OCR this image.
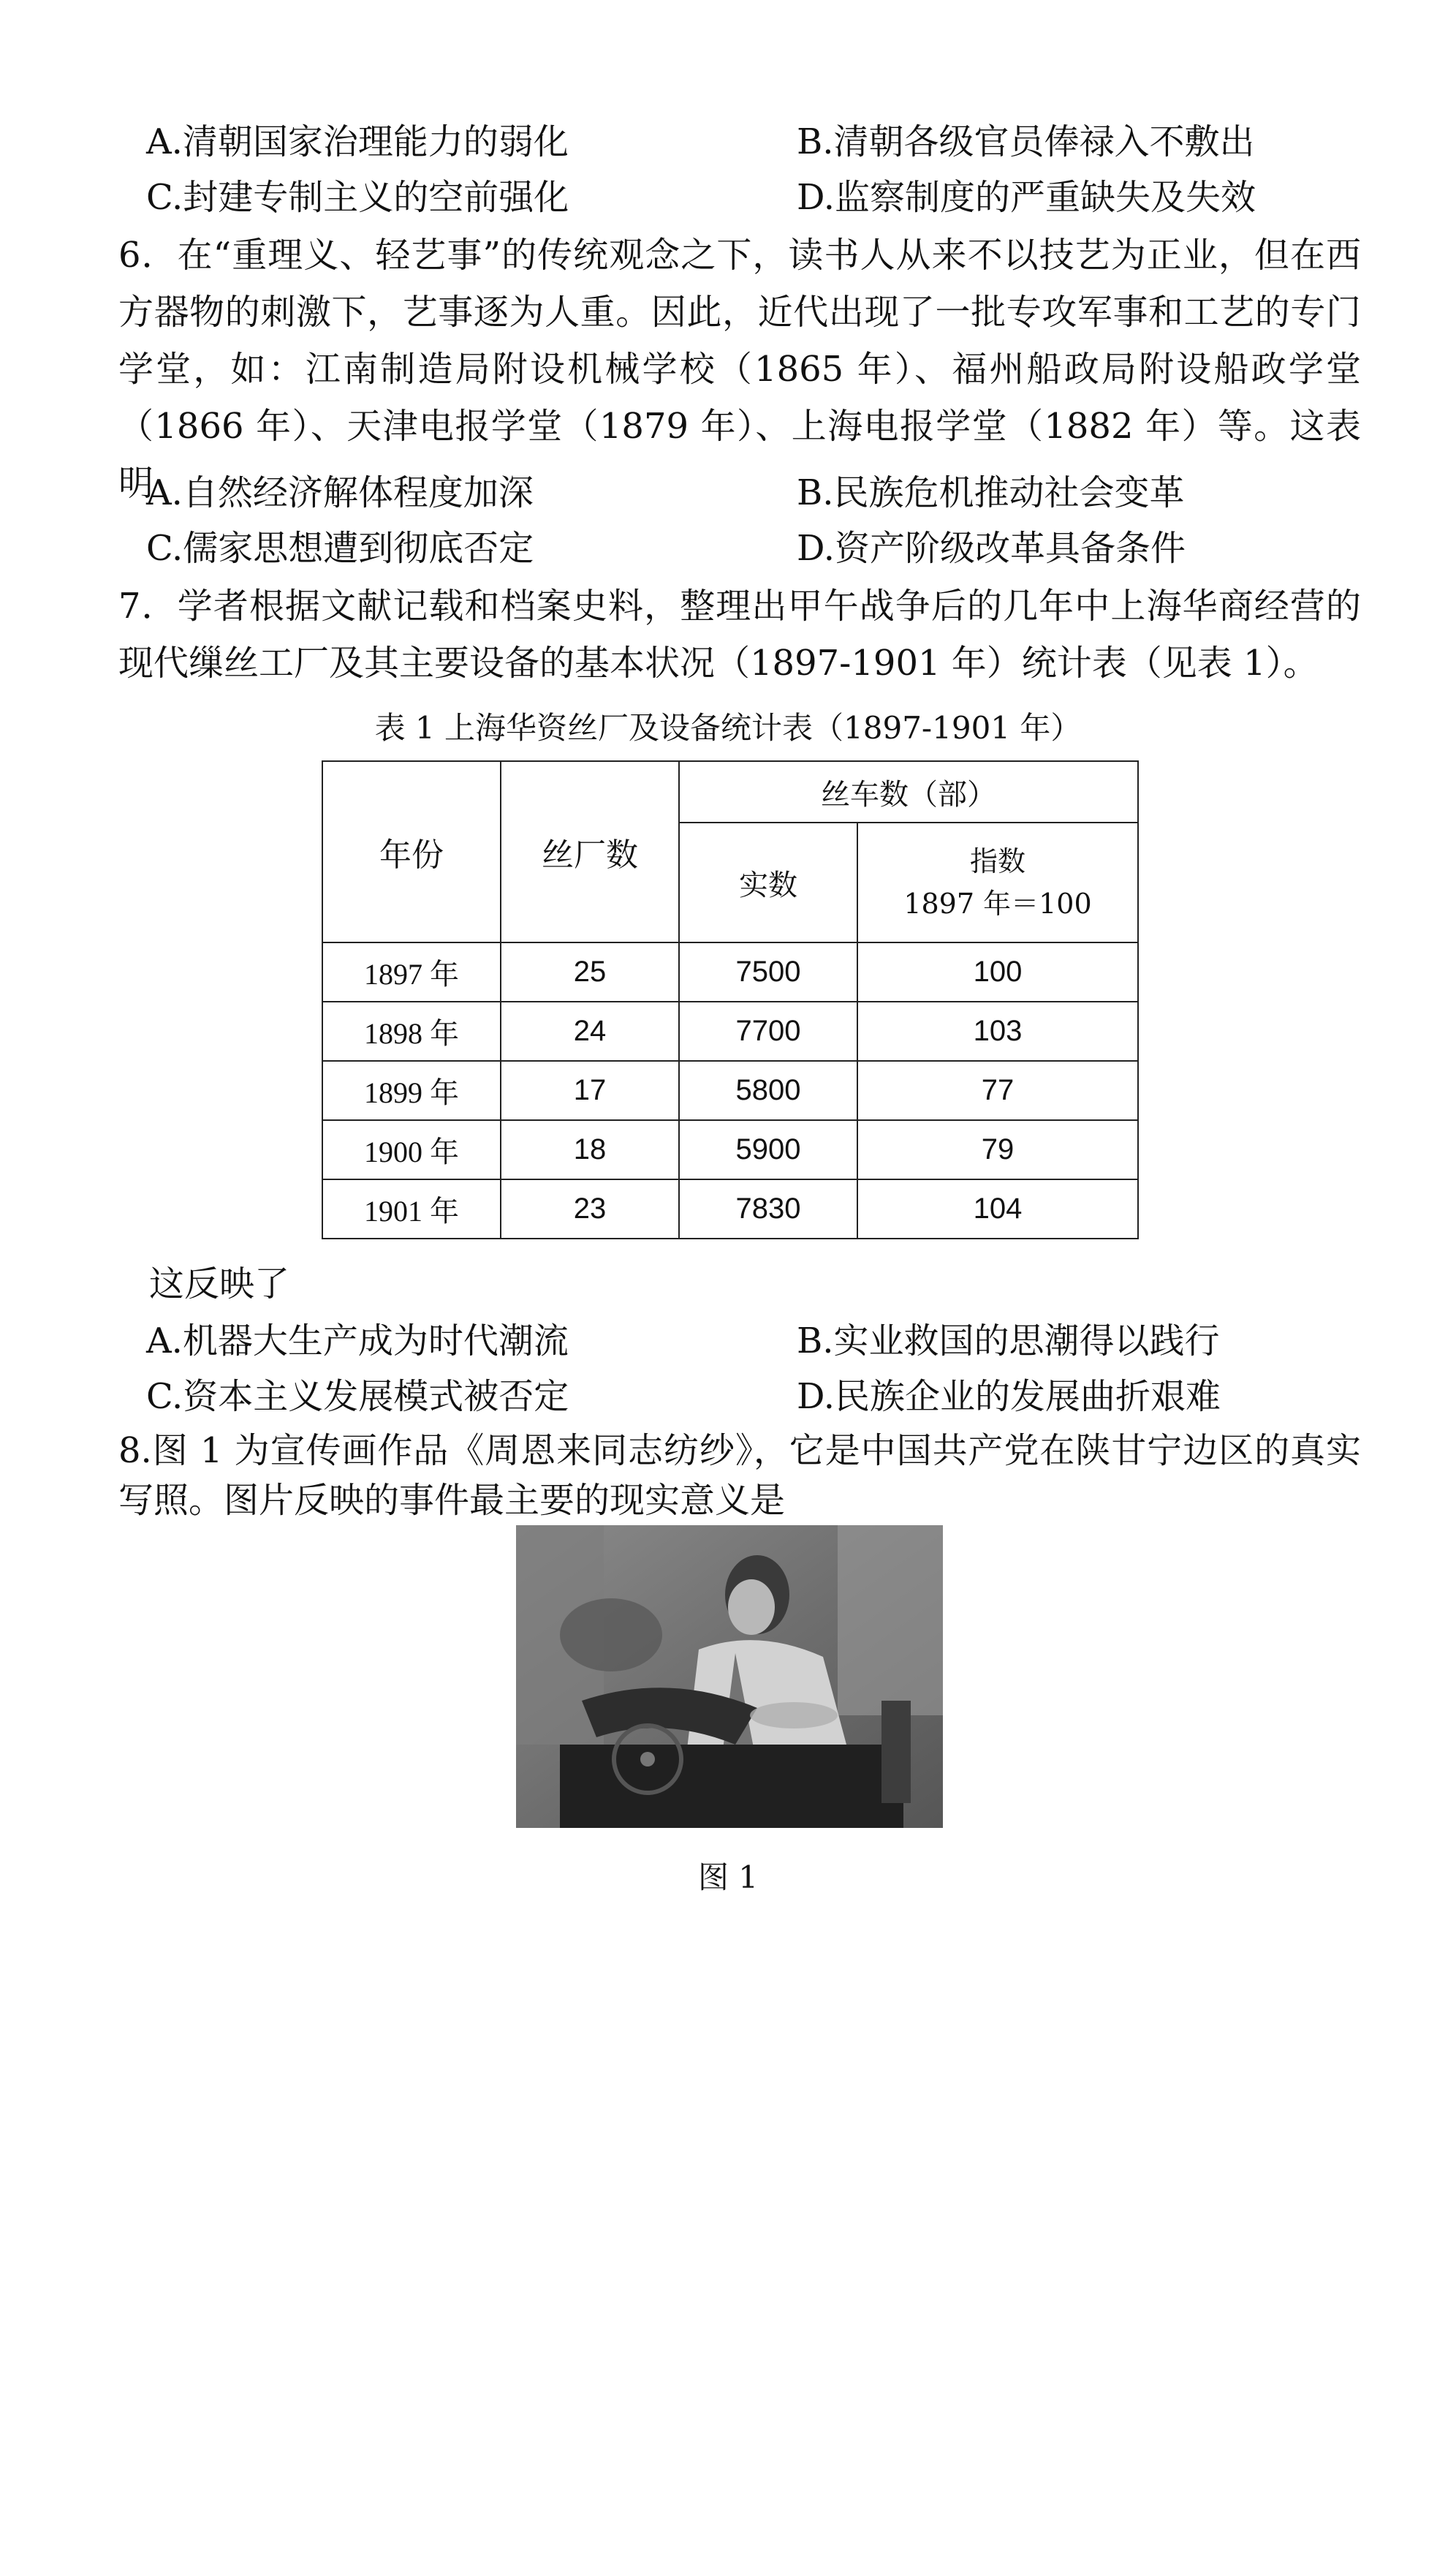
A.清朝国家治理能力的弱化	B.清朝各级官员俸禄入不敷出
C.封建专制主义的空前强化	D.监察制度的严重缺失及失效
6．在“重理义、轻艺事”的传统观念之下，读书人从来不以技艺为正业，但在西方器物的刺激下，艺事逐为人重。因此，近代出现了一批专攻军事和工艺的专门学堂，如：江南制造局附设机械学校（1865 年）、福州船政局附设船政学堂（1866 年）、天津电报学堂（1879 年）、上海电报学堂（1882 年）等。这表明
A.自然经济解体程度加深	B.民族危机推动社会变革
C.儒家思想遭到彻底否定	D.资产阶级改革具备条件
7．学者根据文献记载和档案史料，整理出甲午战争后的几年中上海华商经营的现代缫丝工厂及其主要设备的基本状况（1897-1901 年）统计表（见表 1）。
表 1 上海华资丝厂及设备统计表（1897-1901 年）
年份	丝厂数	丝车数（部）	
		实数	指数
1897 年＝100

1897 年	25	7500	100
1898 年	24	7700	103
1899 年	17	5800	77
1900 年	18	5900	79
1901 年	23	7830	104
这反映了
A.机器大生产成为时代潮流	B.实业救国的思潮得以践行
C.资本主义发展模式被否定	D.民族企业的发展曲折艰难
8.图 1 为宣传画作品《周恩来同志纺纱》，它是中国共产党在陕甘宁边区的真实写照。图片反映的事件最主要的现实意义是
图 1
